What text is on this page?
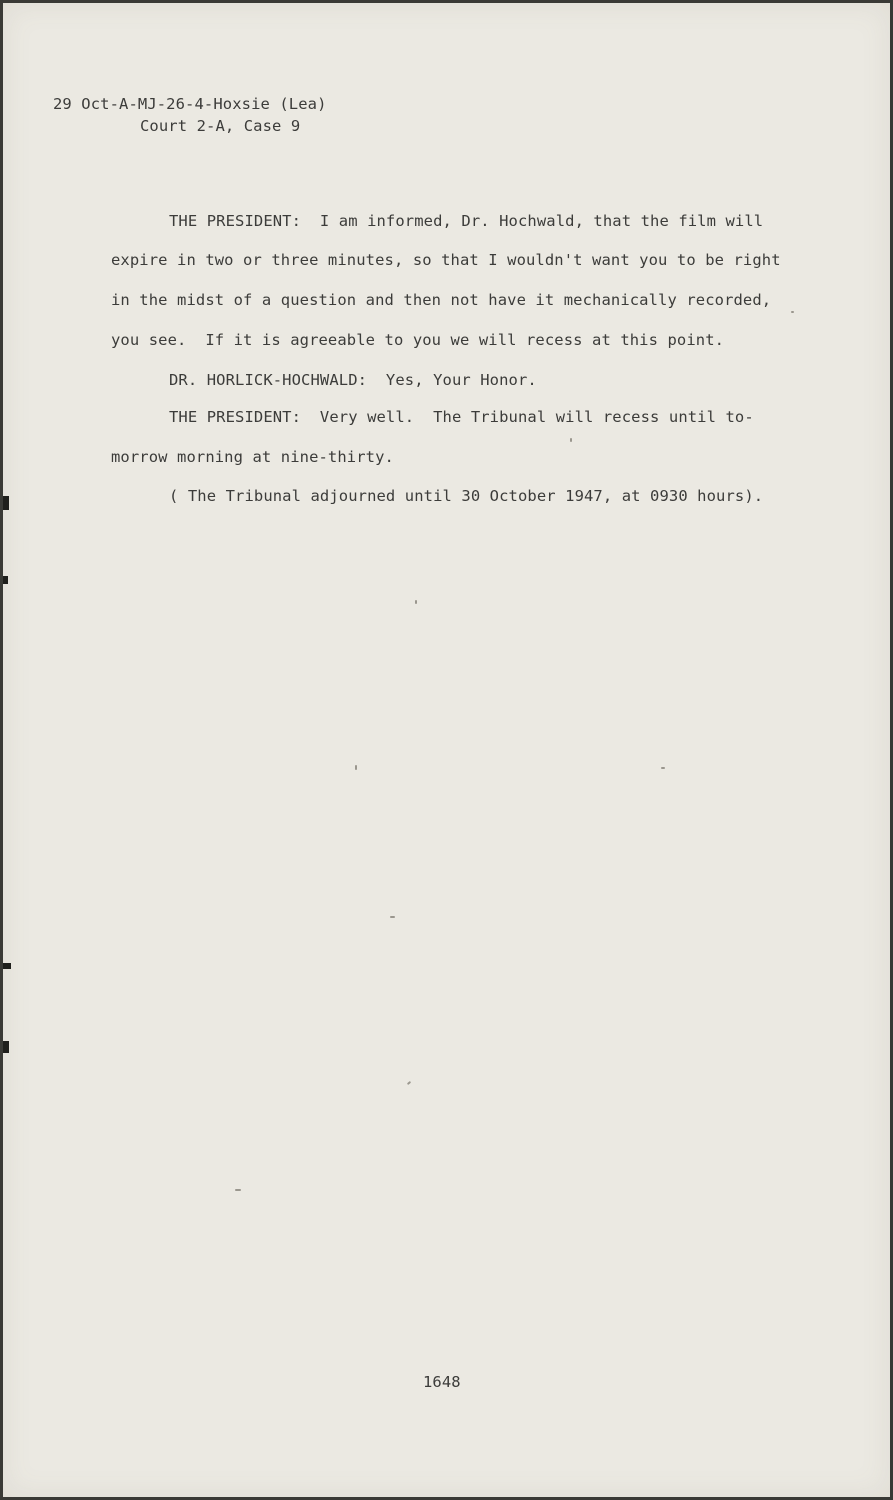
29 Oct-A-MJ-26-4-Hoxsie (Lea)
Court 2-A, Case 9
THE PRESIDENT:  I am informed, Dr. Hochwald, that the film will
expire in two or three minutes, so that I wouldn't want you to be right
in the midst of a question and then not have it mechanically recorded,
you see.  If it is agreeable to you we will recess at this point.
DR. HORLICK-HOCHWALD:  Yes, Your Honor.
THE PRESIDENT:  Very well.  The Tribunal will recess until to-
morrow morning at nine-thirty.
( The Tribunal adjourned until 30 October 1947, at 0930 hours).
1648
